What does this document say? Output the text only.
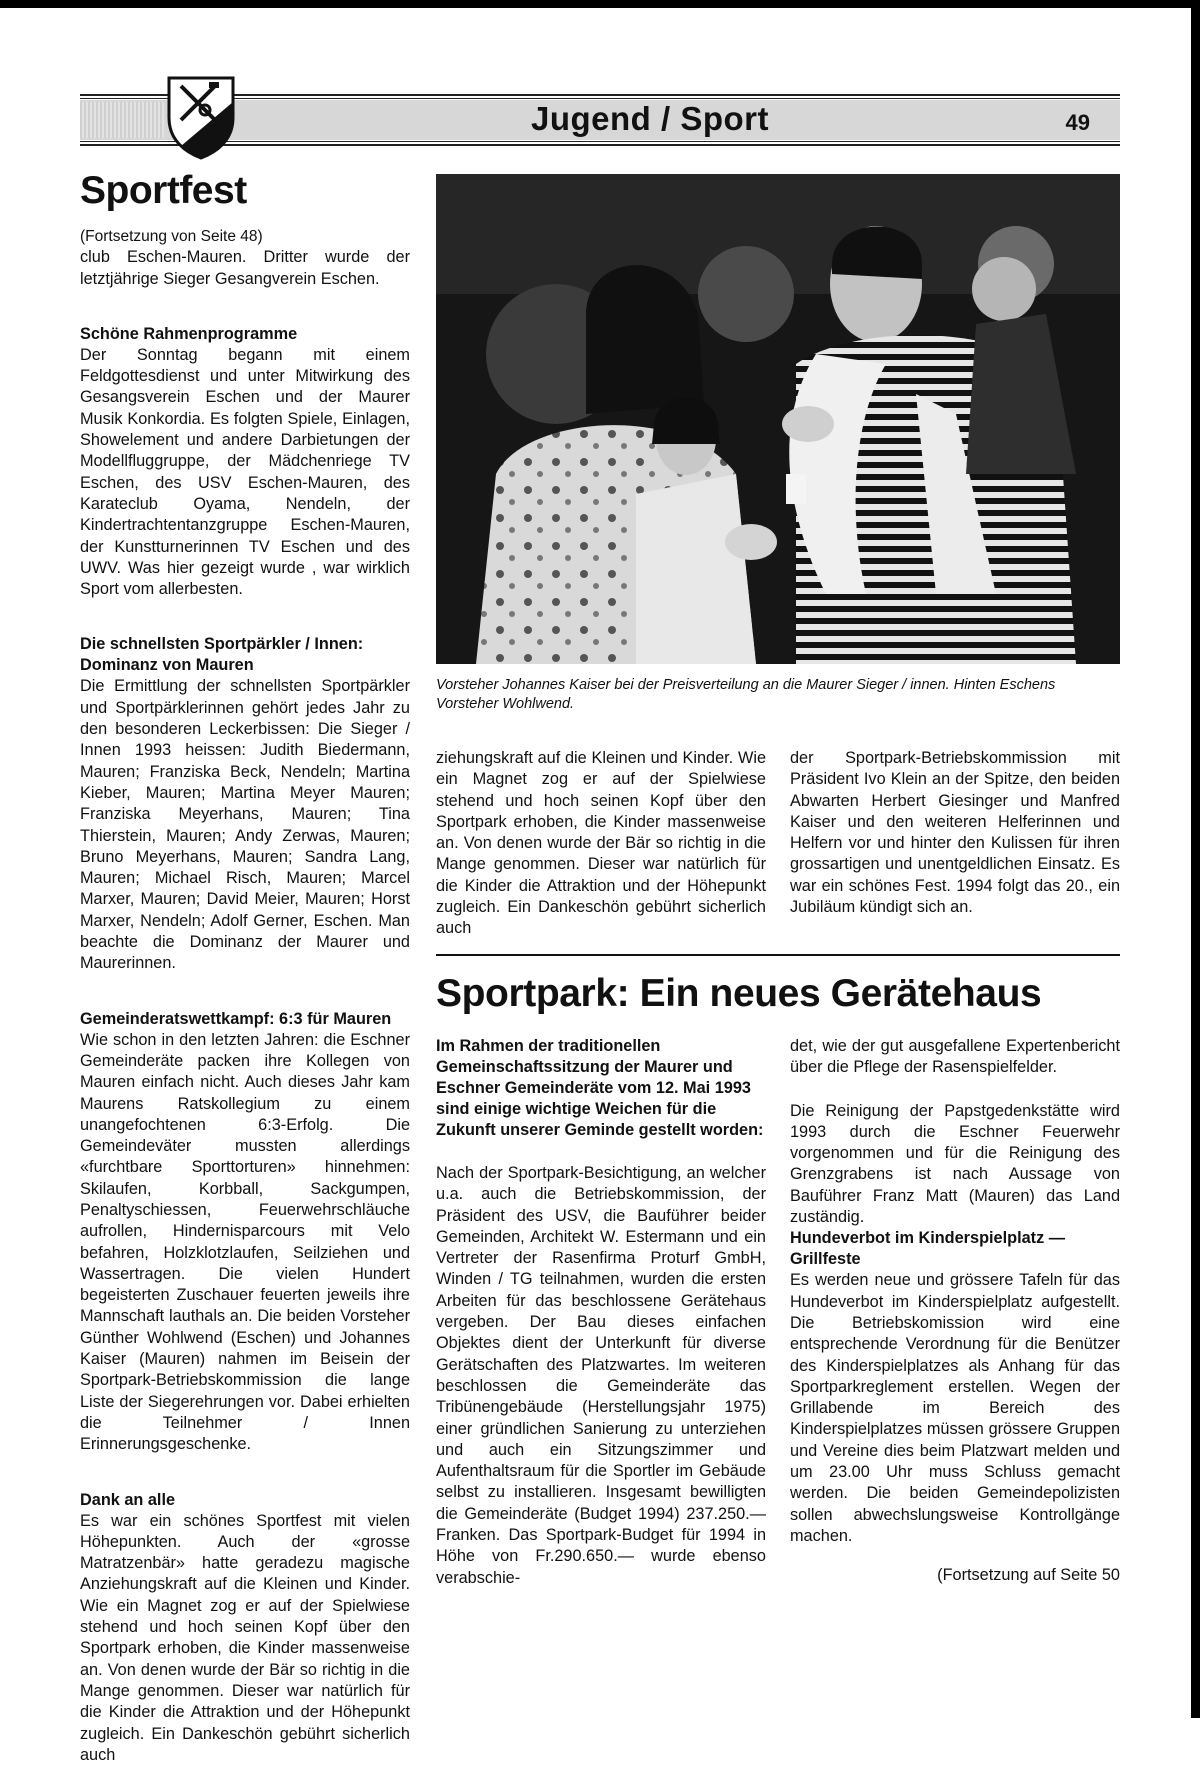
Jugend / Sport	49
Sportfest

(Fortsetzung von Seite 48)

club Eschen-Mauren. Dritter wurde der letztjährige Sieger Gesangverein Eschen.

Schöne Rahmenprogramme

Der Sonntag begann mit einem Feldgottesdienst und unter Mitwirkung des Gesangsverein Eschen und der Maurer Musik Konkordia. Es folgten Spiele, Einlagen, Showelement und andere Darbietungen der Modellfluggruppe, der Mädchenriege TV Eschen, des USV Eschen-Mauren, des Karateclub Oyama, Nendeln, der Kindertrachtentanzgruppe Eschen-Mauren, der Kunstturnerinnen TV Eschen und des UWV. Was hier gezeigt wurde , war wirklich Sport vom allerbesten.

Die schnellsten Sportpärkler / Innen: Dominanz von Mauren

Die Ermittlung der schnellsten Sportpärkler und Sportpärklerinnen gehört jedes Jahr zu den besonderen Leckerbissen: Die Sieger / Innen 1993 heissen: Judith Biedermann, Mauren; Franziska Beck, Nendeln; Martina Kieber, Mauren; Martina Meyer Mauren; Franziska Meyerhans, Mauren; Tina Thierstein, Mauren; Andy Zerwas, Mauren; Bruno Meyerhans, Mauren; Sandra Lang, Mauren; Michael Risch, Mauren; Marcel Marxer, Mauren; David Meier, Mauren; Horst Marxer, Nendeln; Adolf Gerner, Eschen. Man beachte die Dominanz der Maurer und Maurerinnen.

Gemeinderatswettkampf: 6:3 für Mauren

Wie schon in den letzten Jahren: die Eschner Gemeinderäte packen ihre Kollegen von Mauren einfach nicht. Auch dieses Jahr kam Maurens Ratskollegium zu einem unangefochtenen 6:3-Erfolg. Die Gemeindeväter mussten allerdings «furchtbare Sporttorturen» hinnehmen: Skilaufen, Korbball, Sackgumpen, Penaltyschiessen, Feuerwehrschläuche aufrollen, Hindernisparcours mit Velo befahren, Holzklotzlaufen, Seilziehen und Wassertragen. Die vielen Hundert begeisterten Zuschauer feuerten jeweils ihre Mannschaft lauthals an. Die beiden Vorsteher Günther Wohlwend (Eschen) und Johannes Kaiser (Mauren) nahmen im Beisein der Sportpark-Betriebskommission die lange Liste der Siegerehrungen vor. Dabei erhielten die Teilnehmer / Innen Erinnerungsgeschenke.

Dank an alle

Es war ein schönes Sportfest mit vielen Höhepunkten. Auch der «grosse Matratzenbär» hatte geradezu magische Anziehungskraft auf die Kleinen und Kinder. Wie ein Magnet zog er auf der Spielwiese stehend und hoch seinen Kopf über den Sportpark erhoben, die Kinder massenweise an. Von denen wurde der Bär so richtig in die Mange genommen. Dieser war natürlich für die Kinder die Attraktion und der Höhepunkt zugleich. Ein Dankeschön gebührt sicherlich auch

Vorsteher Johannes Kaiser bei der Preisverteilung an die Maurer Sieger / innen. Hinten Eschens Vorsteher Wohlwend.

ziehungskraft auf die Kleinen und Kinder. Wie ein Magnet zog er auf der Spielwiese stehend und hoch seinen Kopf über den Sportpark erhoben, die Kinder massenweise an. Von denen wurde der Bär so richtig in die Mange genommen. Dieser war natürlich für die Kinder die Attraktion und der Höhepunkt zugleich. Ein Dankeschön gebührt sicherlich auch

der Sportpark-Betriebskommission mit Präsident Ivo Klein an der Spitze, den beiden Abwarten Herbert Giesinger und Manfred Kaiser und den weiteren Helferinnen und Helfern vor und hinter den Kulissen für ihren grossartigen und unentgeldlichen Einsatz. Es war ein schönes Fest. 1994 folgt das 20., ein Jubiläum kündigt sich an.

Sportpark: Ein neues Gerätehaus

Im Rahmen der traditionellen Gemeinschaftssitzung der Maurer und Eschner Gemeinderäte vom 12. Mai 1993 sind einige wichtige Weichen für die Zukunft unserer Geminde gestellt worden:

Nach der Sportpark-Besichtigung, an welcher u.a. auch die Betriebskommission, der Präsident des USV, die Bauführer beider Gemeinden, Architekt W. Estermann und ein Vertreter der Rasenfirma Proturf GmbH, Winden / TG teilnahmen, wurden die ersten Arbeiten für das beschlossene Gerätehaus vergeben. Der Bau dieses einfachen Objektes dient der Unterkunft für diverse Gerätschaften des Platzwartes. Im weiteren beschlossen die Gemeinderäte das Tribünengebäude (Herstellungsjahr 1975) einer gründlichen Sanierung zu unterziehen und auch ein Sitzungszimmer und Aufenthaltsraum für die Sportler im Gebäude selbst zu installieren. Insgesamt bewilligten die Gemeinderäte (Budget 1994) 237.250.— Franken. Das Sportpark-Budget für 1994 in Höhe von Fr.290.650.— wurde ebenso verabschie-

det, wie der gut ausgefallene Expertenbericht über die Pflege der Rasenspielfelder.

Die Reinigung der Papstgedenkstätte wird 1993 durch die Eschner Feuerwehr vorgenommen und für die Reinigung des Grenzgrabens ist nach Aussage von Bauführer Franz Matt (Mauren) das Land zuständig.

Hundeverbot im Kinderspielplatz — Grillfeste

Es werden neue und grössere Tafeln für das Hundeverbot im Kinderspielplatz aufgestellt. Die Betriebskomission wird eine entsprechende Verordnung für die Benützer des Kinderspielplatzes als Anhang für das Sportparkreglement erstellen. Wegen der Grillabende im Bereich des Kinderspielplatzes müssen grössere Gruppen und Vereine dies beim Platzwart melden und um 23.00 Uhr muss Schluss gemacht werden. Die beiden Gemeindepolizisten sollen abwechslungsweise Kontrollgänge machen.

(Fortsetzung auf Seite 50
